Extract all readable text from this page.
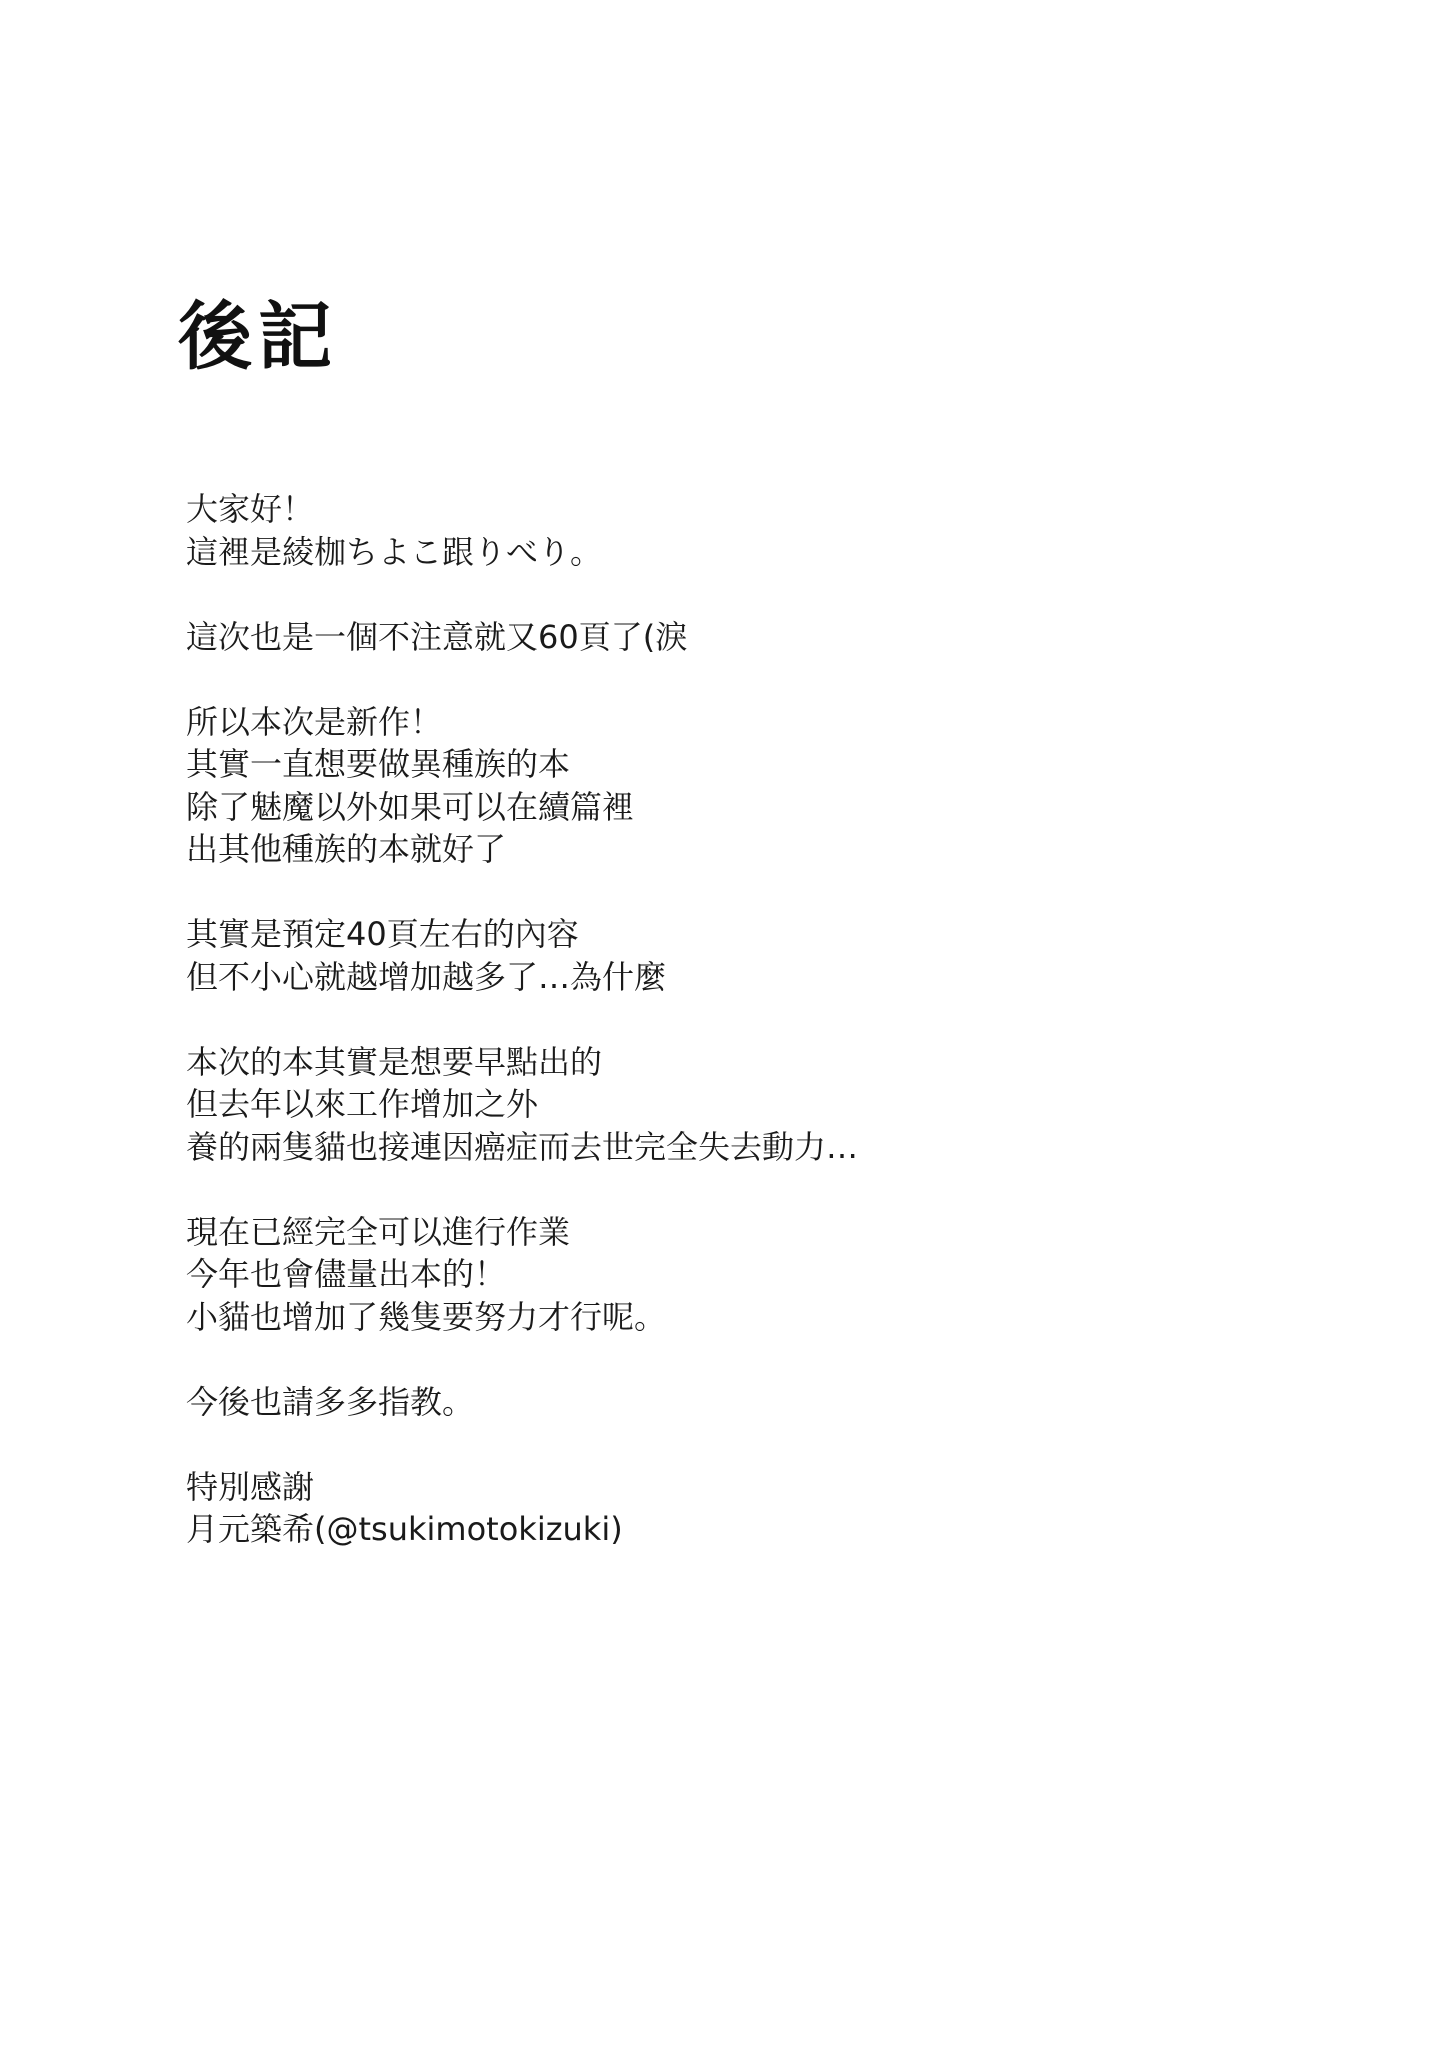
後記
大家好！
這裡是綾枷ちよこ跟りべり。
這次也是一個不注意就又60頁了(淚
所以本次是新作！
其實一直想要做異種族的本
除了魅魔以外如果可以在續篇裡
出其他種族的本就好了
其實是預定40頁左右的內容
但不小心就越增加越多了…為什麼
本次的本其實是想要早點出的
但去年以來工作增加之外
養的兩隻貓也接連因癌症而去世完全失去動力…
現在已經完全可以進行作業
今年也會儘量出本的！
小貓也增加了幾隻要努力才行呢。
今後也請多多指教。
特別感謝
月元築希(@tsukimotokizuki)
